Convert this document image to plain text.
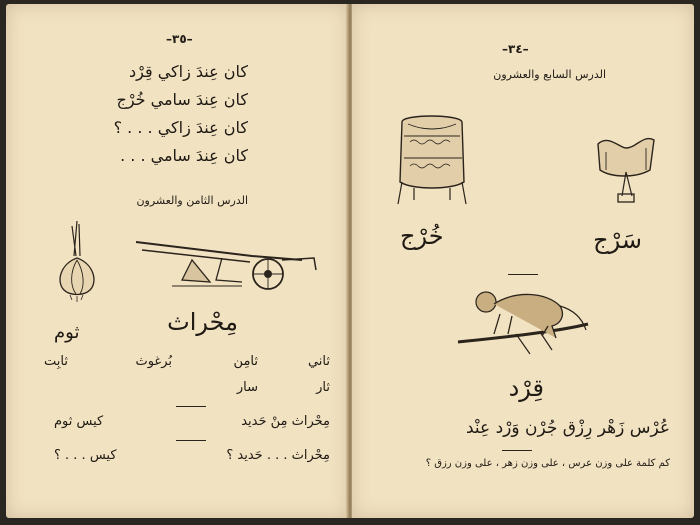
–٣٥–
كان عِندَ زاكي قِرْد
كان عِندَ سامي خُرْج
كان عِندَ زاكي . . . ؟
كان عِندَ سامي . . .
الدرس الثامن والعشرون
مِحْراث
ثوم
ثاني
ثامِن
بُرغوث
ثابِت
ثار
سار
مِحْراث مِنْ حَديد
كيس ثوم
مِحْراث . . . حَديد ؟
كيس . . . ؟
–٣٤–
الدرس السابع والعشرون
خُرْج	سَرْج
قِرْد
عُرْس زَهْر رِزْق جُرْن وَرْد عِنْد
كم كلمة على وزن عرس ، على وزن زهر ، على وزن رزق ؟
